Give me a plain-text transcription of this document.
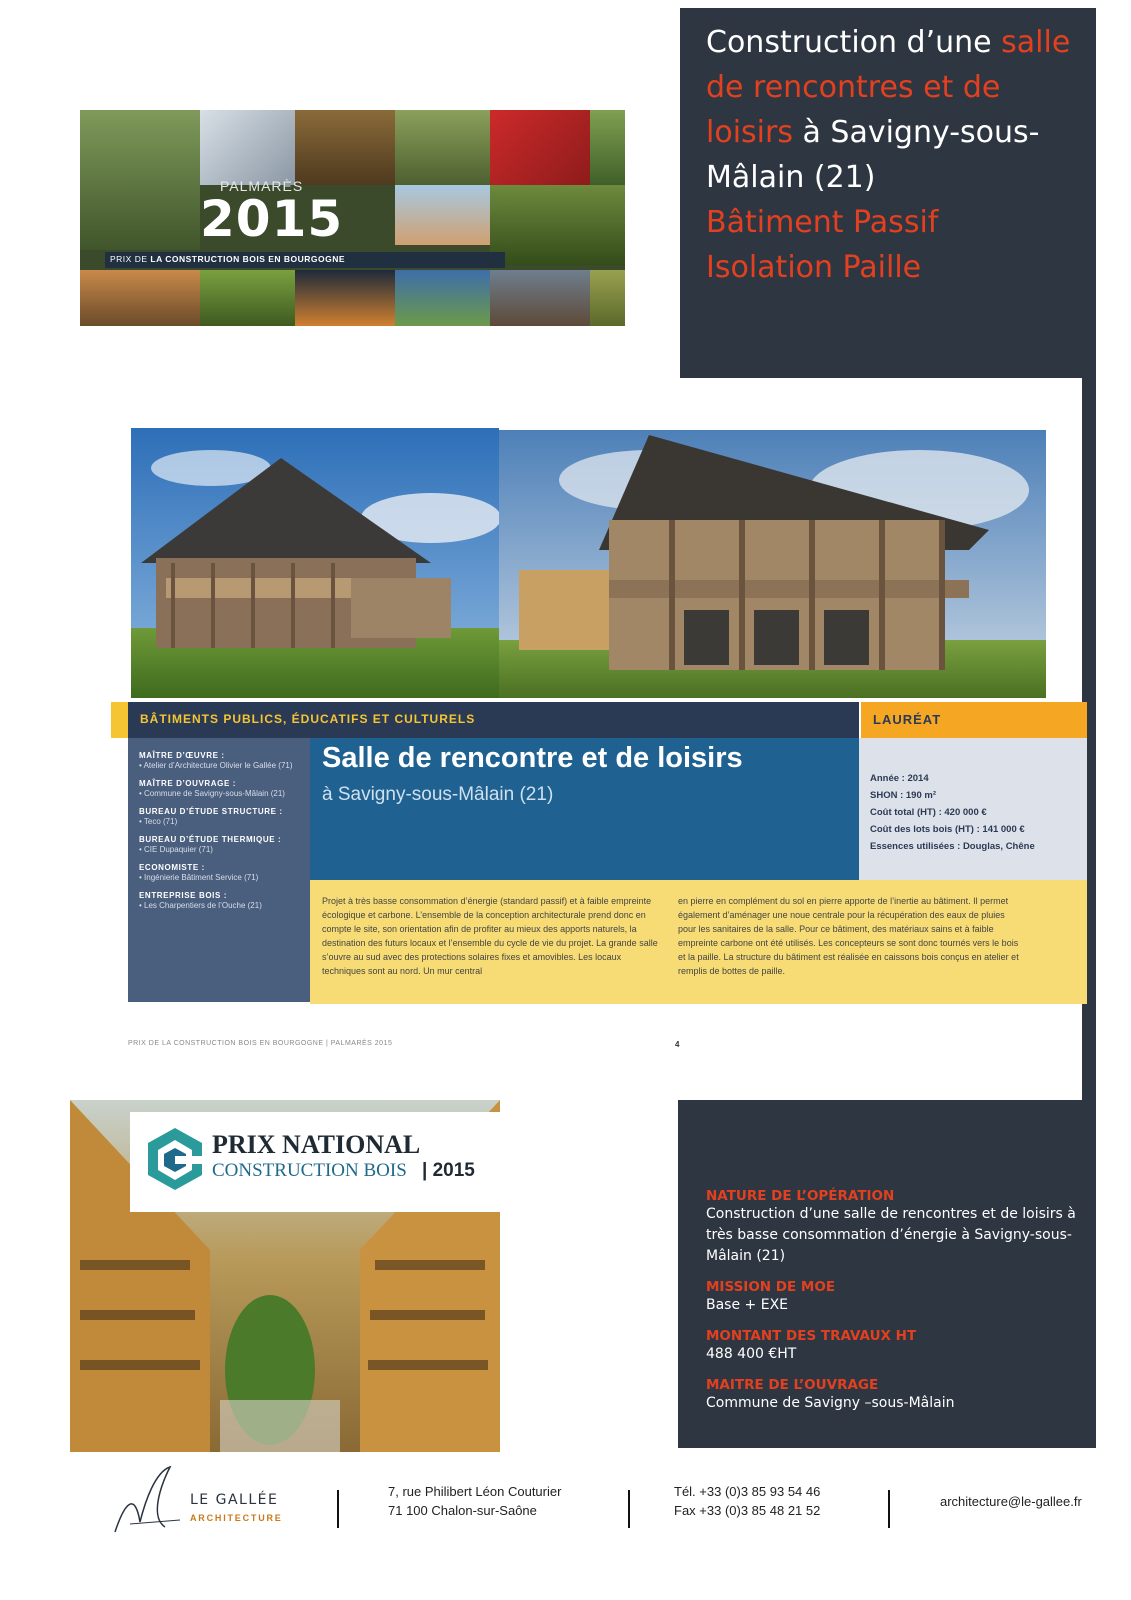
Construction d’une salle de rencontres et de loisirs à Savigny-sous-Mâlain (21)
Bâtiment Passif
Isolation Paille
PALMARÈS
2015
PRIX DE LA CONSTRUCTION BOIS EN BOURGOGNE
BÂTIMENTS PUBLICS, ÉDUCATIFS ET CULTURELS	LAURÉAT
MAÎTRE D’ŒUVRE :
• Atelier d’Architecture Olivier le Gallée (71)
MAÎTRE D’OUVRAGE :
• Commune de Savigny-sous-Mâlain (21)
BUREAU D’ÉTUDE STRUCTURE :
• Teco (71)
BUREAU D’ÉTUDE THERMIQUE :
• CIE Dupaquier (71)
ECONOMISTE :
• Ingénierie Bâtiment Service (71)
ENTREPRISE BOIS :
• Les Charpentiers de l’Ouche (21)
Salle de rencontre et de loisirs
à Savigny-sous-Mâlain (21)
Année : 2014
SHON : 190 m²
Coût total (HT) : 420 000 €
Coût des lots bois (HT) : 141 000 €
Essences utilisées : Douglas, Chêne
Projet à très basse consommation d’énergie (standard passif) et à faible empreinte écologique et carbone. L’ensemble de la conception architecturale prend donc en compte le site, son orientation afin de profiter au mieux des apports naturels, la destination des futurs locaux et l’ensemble du cycle de vie du projet. La grande salle s’ouvre au sud avec des protections solaires fixes et amovibles. Les locaux techniques sont au nord. Un mur central
en pierre en complément du sol en pierre apporte de l’inertie au bâtiment. Il permet également d’aménager une noue centrale pour la récupération des eaux de pluies pour les sanitaires de la salle. Pour ce bâtiment, des matériaux sains et à faible empreinte carbone ont été utilisés. Les concepteurs se sont donc tournés vers le bois et la paille. La structure du bâtiment est réalisée en caissons bois conçus en atelier et remplis de bottes de paille.
PRIX DE LA CONSTRUCTION BOIS EN BOURGOGNE | PALMARÈS 2015	4
PRIX NATIONAL
CONSTRUCTION BOIS | 2015
NATURE DE L’OPÉRATION
Construction d’une salle de rencontres et de loisirs à très basse consommation d’énergie à Savigny-sous-Mâlain (21)
MISSION DE MOE
Base + EXE
MONTANT DES TRAVAUX HT
488 400 €HT
MAITRE DE L’OUVRAGE
Commune de Savigny –sous-Mâlain
LE GALLÉE
ARCHITECTURE
7, rue Philibert Léon Couturier
71 100 Chalon-sur-Saône
Tél. +33 (0)3 85 93 54 46
Fax +33 (0)3 85 48 21 52
architecture@le-gallee.fr
